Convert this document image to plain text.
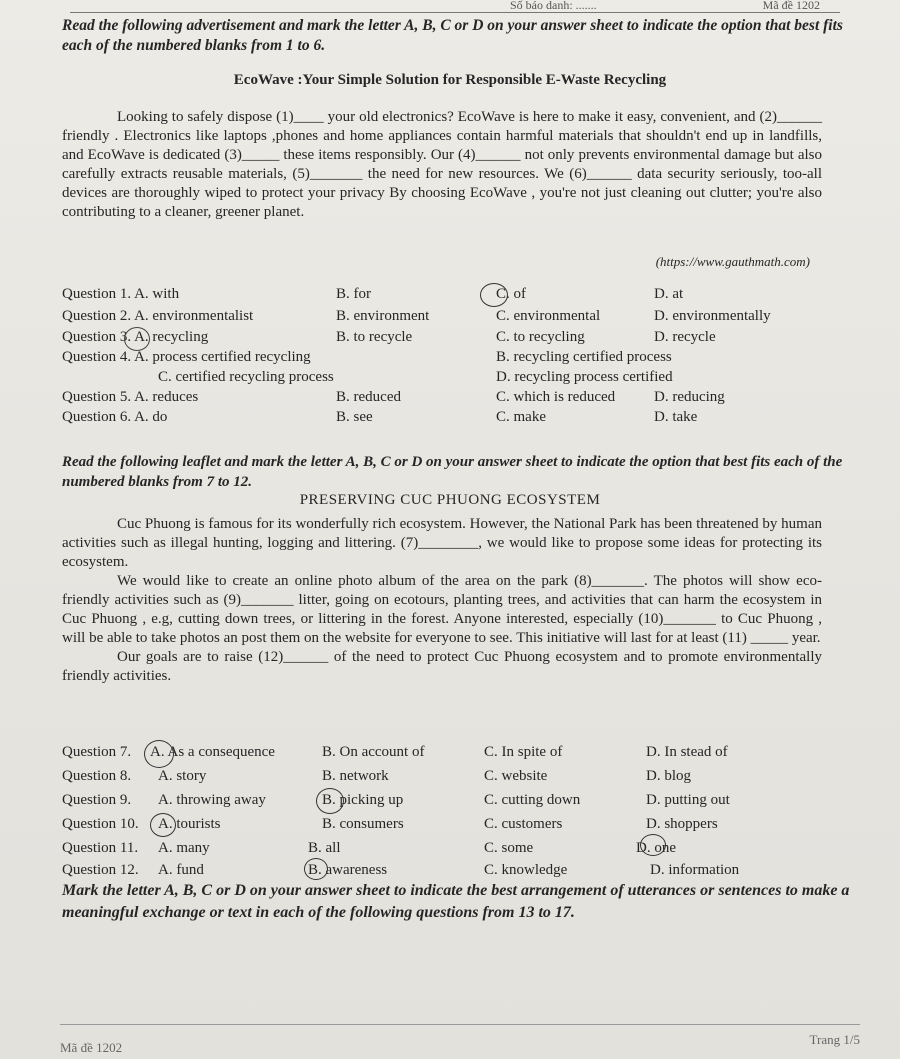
Số báo danh: .......	Mã đề 1202
Read the following advertisement and mark the letter A, B, C or D on your answer sheet to indicate the option that best fits each of the numbered blanks from 1 to 6.
EcoWave :Your Simple Solution for Responsible E-Waste Recycling

Looking to safely dispose (1)____ your old electronics? EcoWave is here to make it easy, convenient, and (2)______ friendly . Electronics like laptops ,phones and home appliances contain harmful materials that shouldn't end up in landfills, and EcoWave is dedicated (3)_____ these items responsibly. Our (4)______ not only prevents environmental damage but also carefully extracts reusable materials, (5)_______ the need for new resources. We (6)______ data security seriously, too-all devices are thoroughly wiped to protect your privacy By choosing EcoWave , you're not just cleaning out clutter; you're also contributing to a cleaner, greener planet.

(https://www.gauthmath.com)
Question 1. A. with	B. for	C. of	D. at
Question 2. A. environmentalist	B. environment	C. environmental	D. environmentally
Question 3. A. recycling	B. to recycle	C. to recycling	D. recycle
Question 4. A. process certified recycling	B. recycling certified process
C. certified recycling process	D. recycling process certified
Question 5. A. reduces	B. reduced	C. which is reduced	D. reducing
Question 6. A. do	B. see	C. make	D. take
Read the following leaflet and mark the letter A, B, C or D on your answer sheet to indicate the option that best fits each of the numbered blanks from 7 to 12.
PRESERVING CUC PHUONG ECOSYSTEM

Cuc Phuong is famous for its wonderfully rich ecosystem. However, the National Park has been threatened by human activities such as illegal hunting, logging and littering. (7)________, we would like to propose some ideas for protecting its ecosystem.

We would like to create an online photo album of the area on the park (8)_______. The photos will show eco-friendly activities such as (9)_______ litter, going on ecotours, planting trees, and activities that can harm the ecosystem in Cuc Phuong , e.g, cutting down trees, or littering in the forest. Anyone interested, especially (10)_______ to Cuc Phuong , will be able to take photos an post them on the website for everyone to see. This initiative will last for at least (11) _____ year.

Our goals are to raise (12)______ of the need to protect Cuc Phuong ecosystem and to promote environmentally friendly activities.

Question 7. A. As a consequence	B. On account of	C. In spite of	D. In stead of
Question 8. A. story	B. network	C. website	D. blog
Question 9. A. throwing away	B. picking up	C. cutting down	D. putting out
Question 10. A. tourists	B. consumers	C. customers	D. shoppers
Question 11. A. many	B. all	C. some	D. one
Question 12. A. fund	B. awareness	C. knowledge	D. information
Mark the letter A, B, C or D on your answer sheet to indicate the best arrangement of utterances or sentences to make a meaningful exchange or text in each of the following questions from 13 to 17.
Mã đề 1202
Trang 1/5
